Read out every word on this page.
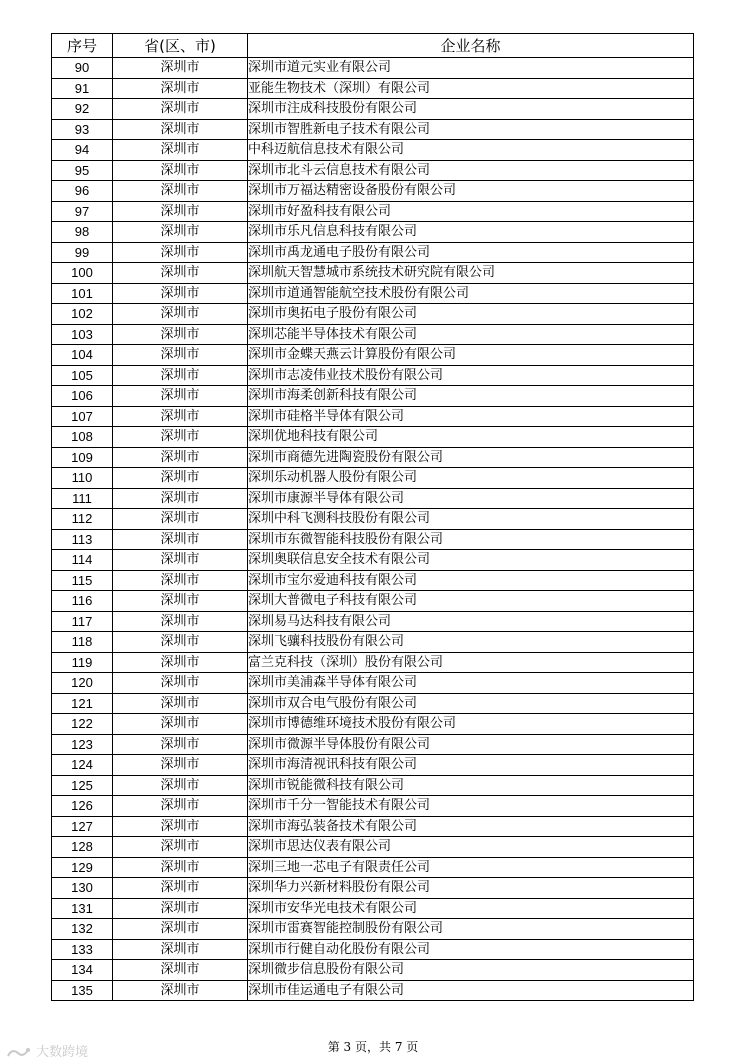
序号	省(区、市)	企业名称
90	深圳市	深圳市道元实业有限公司
91	深圳市	亚能生物技术（深圳）有限公司
92	深圳市	深圳市注成科技股份有限公司
93	深圳市	深圳市智胜新电子技术有限公司
94	深圳市	中科迈航信息技术有限公司
95	深圳市	深圳市北斗云信息技术有限公司
96	深圳市	深圳市万福达精密设备股份有限公司
97	深圳市	深圳市好盈科技有限公司
98	深圳市	深圳市乐凡信息科技有限公司
99	深圳市	深圳市禹龙通电子股份有限公司
100	深圳市	深圳航天智慧城市系统技术研究院有限公司
101	深圳市	深圳市道通智能航空技术股份有限公司
102	深圳市	深圳市奥拓电子股份有限公司
103	深圳市	深圳芯能半导体技术有限公司
104	深圳市	深圳市金蝶天燕云计算股份有限公司
105	深圳市	深圳市志凌伟业技术股份有限公司
106	深圳市	深圳市海柔创新科技有限公司
107	深圳市	深圳市硅格半导体有限公司
108	深圳市	深圳优地科技有限公司
109	深圳市	深圳市商德先进陶瓷股份有限公司
110	深圳市	深圳乐动机器人股份有限公司
111	深圳市	深圳市康源半导体有限公司
112	深圳市	深圳中科飞测科技股份有限公司
113	深圳市	深圳市东微智能科技股份有限公司
114	深圳市	深圳奥联信息安全技术有限公司
115	深圳市	深圳市宝尔爱迪科技有限公司
116	深圳市	深圳大普微电子科技有限公司
117	深圳市	深圳易马达科技有限公司
118	深圳市	深圳飞骧科技股份有限公司
119	深圳市	富兰克科技（深圳）股份有限公司
120	深圳市	深圳市美浦森半导体有限公司
121	深圳市	深圳市双合电气股份有限公司
122	深圳市	深圳市博德维环境技术股份有限公司
123	深圳市	深圳市微源半导体股份有限公司
124	深圳市	深圳市海清视讯科技有限公司
125	深圳市	深圳市锐能微科技有限公司
126	深圳市	深圳市千分一智能技术有限公司
127	深圳市	深圳市海弘装备技术有限公司
128	深圳市	深圳市思达仪表有限公司
129	深圳市	深圳三地一芯电子有限责任公司
130	深圳市	深圳华力兴新材料股份有限公司
131	深圳市	深圳市安华光电技术有限公司
132	深圳市	深圳市雷赛智能控制股份有限公司
133	深圳市	深圳市行健自动化股份有限公司
134	深圳市	深圳微步信息股份有限公司
135	深圳市	深圳市佳运通电子有限公司
第 3 页，共 7 页
大数跨境
